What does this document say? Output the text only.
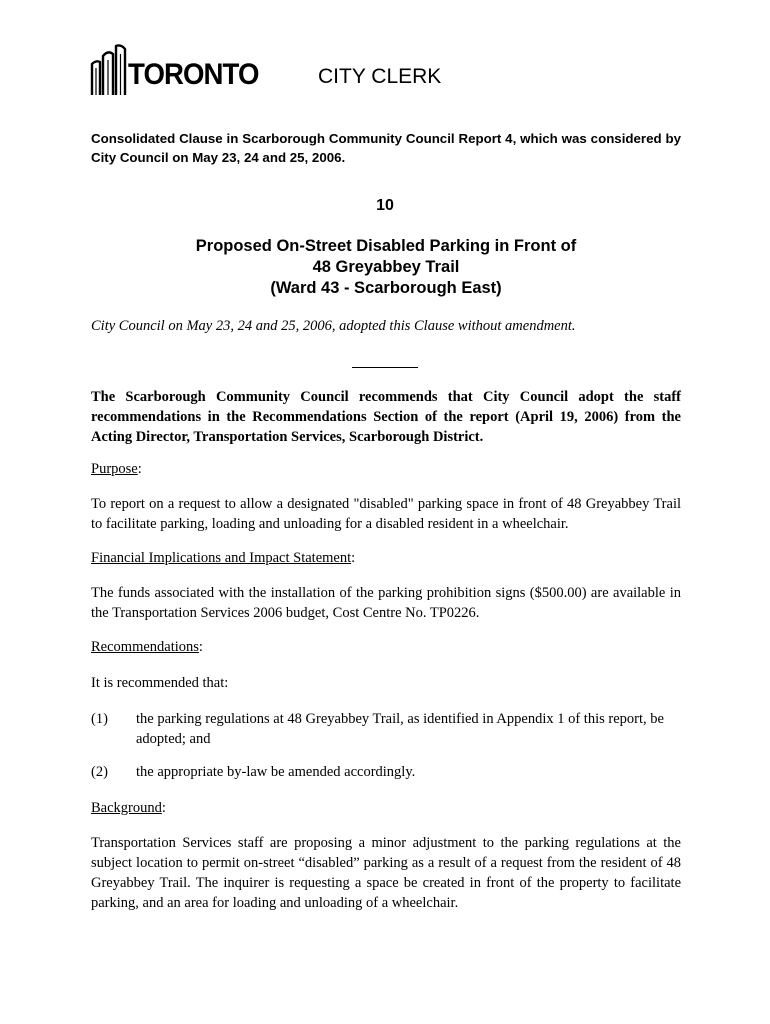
TORONTO	CITY CLERK
Consolidated Clause in Scarborough Community Council Report 4, which was considered by City Council on May 23, 24 and 25, 2006.
10
Proposed On-Street Disabled Parking in Front of
48 Greyabbey Trail
(Ward 43 - Scarborough East)
City Council on May 23, 24 and 25, 2006, adopted this Clause without amendment.
The Scarborough Community Council recommends that City Council adopt the staff recommendations in the Recommendations Section of the report (April 19, 2006) from the Acting Director, Transportation Services, Scarborough District.
Purpose:
To report on a request to allow a designated "disabled" parking space in front of 48 Greyabbey Trail to facilitate parking, loading and unloading for a disabled resident in a wheelchair.
Financial Implications and Impact Statement:
The funds associated with the installation of the parking prohibition signs ($500.00) are available in the Transportation Services 2006 budget, Cost Centre No. TP0226.
Recommendations:
It is recommended that:
(1) the parking regulations at 48 Greyabbey Trail, as identified in Appendix 1 of this report, be adopted; and
(2) the appropriate by-law be amended accordingly.
Background:
Transportation Services staff are proposing a minor adjustment to the parking regulations at the subject location to permit on-street “disabled” parking as a result of a request from the resident of 48 Greyabbey Trail. The inquirer is requesting a space be created in front of the property to facilitate parking, and an area for loading and unloading of a wheelchair.
